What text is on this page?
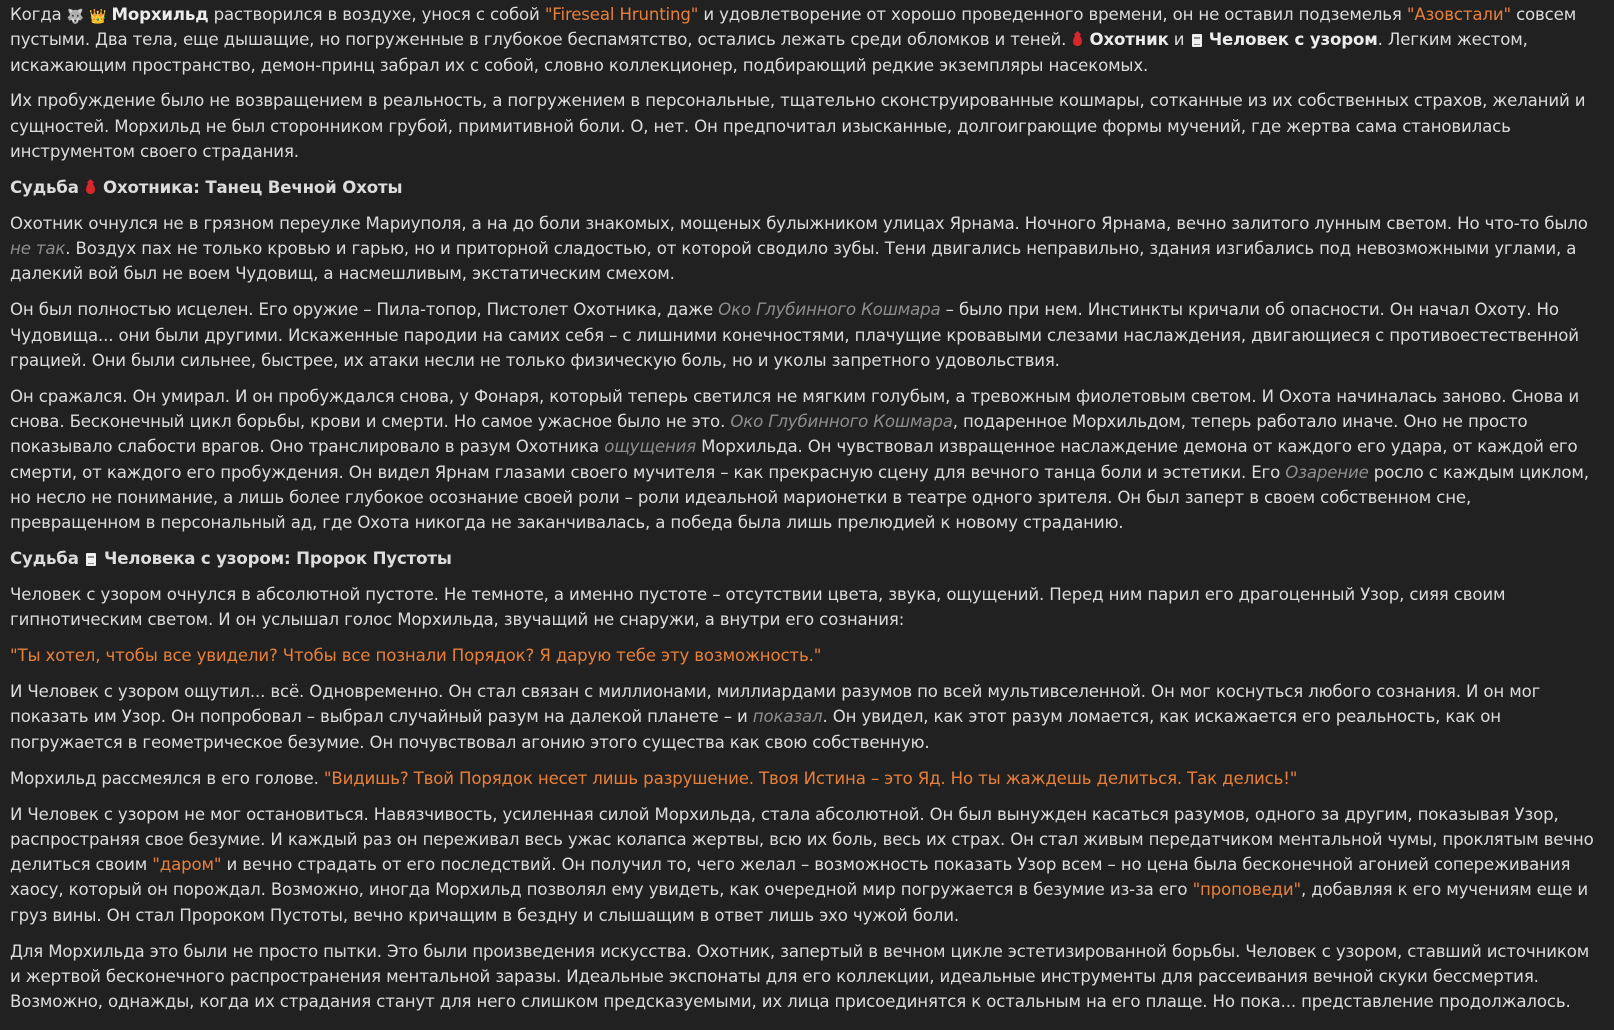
Когда 🐺 👑 Морхильд растворился в воздухе, унося с собой "Fireseal Hrunting" и удовлетворение от хорошо проведенного времени, он не оставил подземелья "Азовстали" совсем пустыми. Два тела, еще дышащие, но погруженные в глубокое беспамятство, остались лежать среди обломков и теней.  Охотник и  Человек с узором. Легким жестом, искажающим пространство, демон-принц забрал их с собой, словно коллекционер, подбирающий редкие экземпляры насекомых.

Их пробуждение было не возвращением в реальность, а погружением в персональные, тщательно сконструированные кошмары, сотканные из их собственных страхов, желаний и сущностей. Морхильд не был сторонником грубой, примитивной боли. О, нет. Он предпочитал изысканные, долгоиграющие формы мучений, где жертва сама становилась инструментом своего страдания.

Судьба  Охотника: Танец Вечной Охоты

Охотник очнулся не в грязном переулке Мариуполя, а на до боли знакомых, мощеных булыжником улицах Ярнама. Ночного Ярнама, вечно залитого лунным светом. Но что-то было не так. Воздух пах не только кровью и гарью, но и приторной сладостью, от которой сводило зубы. Тени двигались неправильно, здания изгибались под невозможными углами, а далекий вой был не воем Чудовищ, а насмешливым, экстатическим смехом.

Он был полностью исцелен. Его оружие – Пила-топор, Пистолет Охотника, даже Око Глубинного Кошмара – было при нем. Инстинкты кричали об опасности. Он начал Охоту. Но Чудовища... они были другими. Искаженные пародии на самих себя – с лишними конечностями, плачущие кровавыми слезами наслаждения, двигающиеся с противоестественной грацией. Они были сильнее, быстрее, их атаки несли не только физическую боль, но и уколы запретного удовольствия.

Он сражался. Он умирал. И он пробуждался снова, у Фонаря, который теперь светился не мягким голубым, а тревожным фиолетовым светом. И Охота начиналась заново. Снова и снова. Бесконечный цикл борьбы, крови и смерти. Но самое ужасное было не это. Око Глубинного Кошмара, подаренное Морхильдом, теперь работало иначе. Оно не просто показывало слабости врагов. Оно транслировало в разум Охотника ощущения Морхильда. Он чувствовал извращенное наслаждение демона от каждого его удара, от каждой его смерти, от каждого его пробуждения. Он видел Ярнам глазами своего мучителя – как прекрасную сцену для вечного танца боли и эстетики. Его Озарение росло с каждым циклом, но несло не понимание, а лишь более глубокое осознание своей роли – роли идеальной марионетки в театре одного зрителя. Он был заперт в своем собственном сне, превращенном в персональный ад, где Охота никогда не заканчивалась, а победа была лишь прелюдией к новому страданию.

Судьба  Человека с узором: Пророк Пустоты

Человек с узором очнулся в абсолютной пустоте. Не темноте, а именно пустоте – отсутствии цвета, звука, ощущений. Перед ним парил его драгоценный Узор, сияя своим гипнотическим светом. И он услышал голос Морхильда, звучащий не снаружи, а внутри его сознания:

"Ты хотел, чтобы все увидели? Чтобы все познали Порядок? Я дарую тебе эту возможность."

И Человек с узором ощутил... всё. Одновременно. Он стал связан с миллионами, миллиардами разумов по всей мультивселенной. Он мог коснуться любого сознания. И он мог показать им Узор. Он попробовал – выбрал случайный разум на далекой планете – и показал. Он увидел, как этот разум ломается, как искажается его реальность, как он погружается в геометрическое безумие. Он почувствовал агонию этого существа как свою собственную.

Морхильд рассмеялся в его голове. "Видишь? Твой Порядок несет лишь разрушение. Твоя Истина – это Яд. Но ты жаждешь делиться. Так делись!"

И Человек с узором не мог остановиться. Навязчивость, усиленная силой Морхильда, стала абсолютной. Он был вынужден касаться разумов, одного за другим, показывая Узор, распространяя свое безумие. И каждый раз он переживал весь ужас колапса жертвы, всю их боль, весь их страх. Он стал живым передатчиком ментальной чумы, проклятым вечно делиться своим "даром" и вечно страдать от его последствий. Он получил то, чего желал – возможность показать Узор всем – но цена была бесконечной агонией сопереживания хаосу, который он порождал. Возможно, иногда Морхильд позволял ему увидеть, как очередной мир погружается в безумие из-за его "проповеди", добавляя к его мучениям еще и груз вины. Он стал Пророком Пустоты, вечно кричащим в бездну и слышащим в ответ лишь эхо чужой боли.

Для Морхильда это были не просто пытки. Это были произведения искусства. Охотник, запертый в вечном цикле эстетизированной борьбы. Человек с узором, ставший источником и жертвой бесконечного распространения ментальной заразы. Идеальные экспонаты для его коллекции, идеальные инструменты для рассеивания вечной скуки бессмертия. Возможно, однажды, когда их страдания станут для него слишком предсказуемыми, их лица присоединятся к остальным на его плаще. Но пока... представление продолжалось.
